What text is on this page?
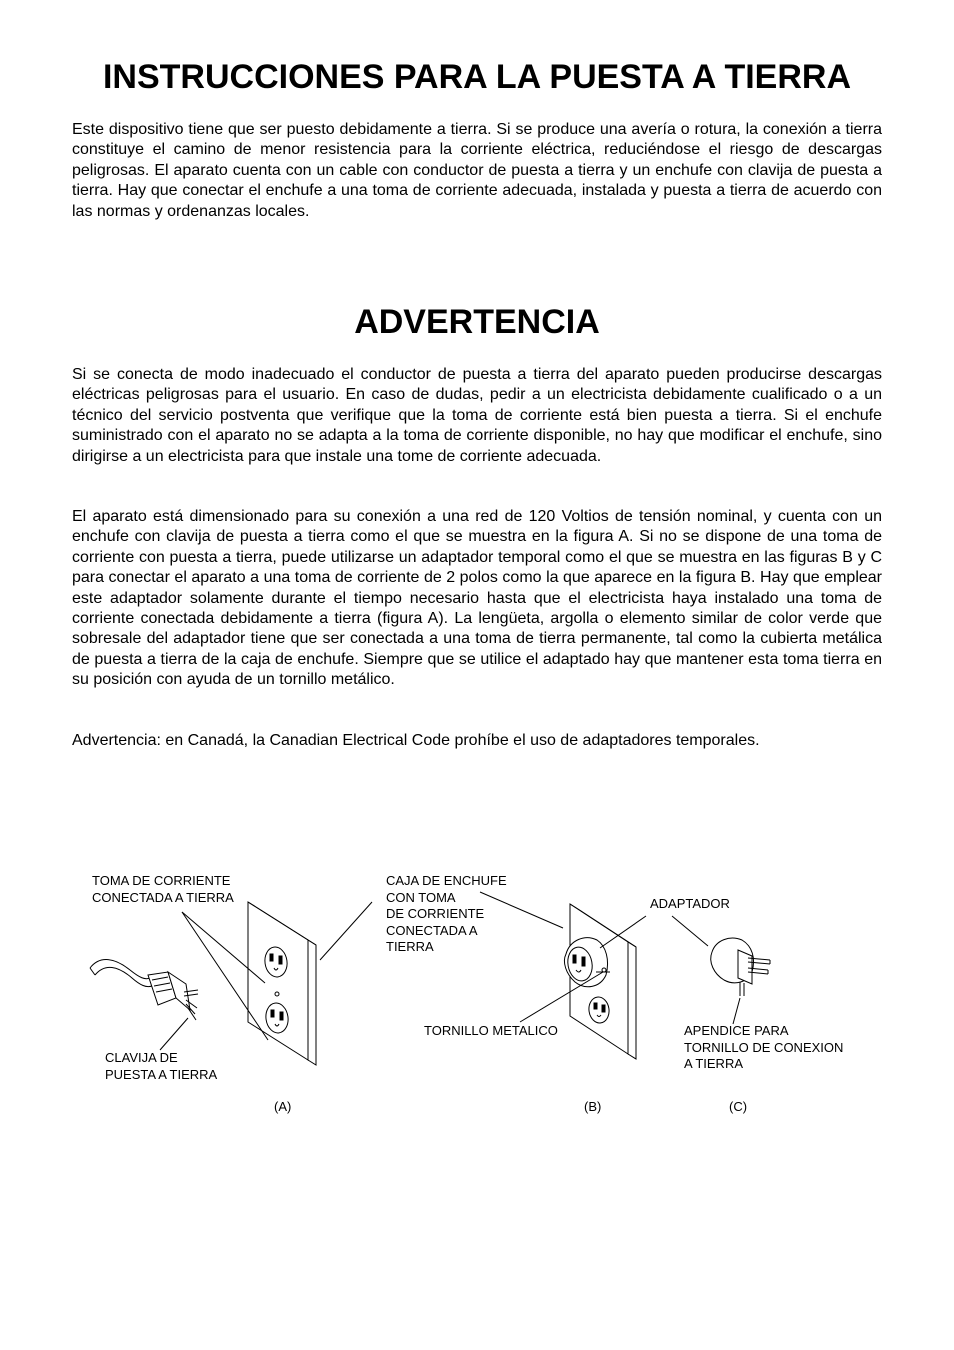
INSTRUCCIONES PARA LA PUESTA A TIERRA

Este dispositivo tiene que ser puesto debidamente a tierra. Si se produce una avería o rotura, la conexión a tierra constituye el camino de menor resistencia para la corriente eléctrica, reduciéndose el riesgo de descargas peligrosas. El aparato cuenta con un cable con conductor de puesta a tierra y un enchufe con clavija de puesta a tierra. Hay que conectar el enchufe a una toma de corriente adecuada, instalada y puesta a tierra de acuerdo con las normas y ordenanzas locales.

ADVERTENCIA

Si se conecta de modo inadecuado el conductor de puesta a tierra del aparato pueden producirse descargas eléctricas peligrosas para el usuario. En caso de dudas, pedir a un electricista debidamente cualificado o a un técnico del servicio postventa que verifique que la toma de corriente está bien puesta a tierra. Si el enchufe suministrado con el aparato no se adapta a la toma de corriente disponible, no hay que modificar el enchufe, sino dirigirse a un electricista para que instale una tome de corriente adecuada.

El aparato está dimensionado para su conexión a una red de 120 Voltios de tensión nominal, y cuenta con un enchufe con clavija de puesta a tierra como el que se muestra en la figura A. Si no se dispone de una toma de corriente con puesta a tierra, puede utilizarse un adaptador temporal como el que se muestra en las figuras B y C para conectar el aparato a una toma de corriente de 2 polos como la que aparece en la figura B. Hay que emplear este adaptador solamente durante el tiempo necesario hasta que el electricista haya instalado una toma de corriente conectada debidamente a tierra (figura A). La lengüeta, argolla o elemento similar de color verde que sobresale del adaptador tiene que ser conectada a una toma de tierra permanente, tal como la cubierta metálica de puesta a tierra de la caja de enchufe. Siempre que se utilice el adaptado hay que mantener esta toma tierra en su posición con ayuda de un tornillo metálico.

Advertencia: en Canadá, la Canadian Electrical Code prohíbe el uso de adaptadores temporales.

TOMA DE CORRIENTE
CONECTADA A TIERRA

CLAVIJA DE
PUESTA A TIERRA

CAJA DE ENCHUFE
CON TOMA
DE CORRIENTE
CONECTADA A
TIERRA

ADAPTADOR

TORNILLO METALICO	APENDICE PARA
TORNILLO DE CONEXION
A TIERRA

(A)	(B)	(C)
